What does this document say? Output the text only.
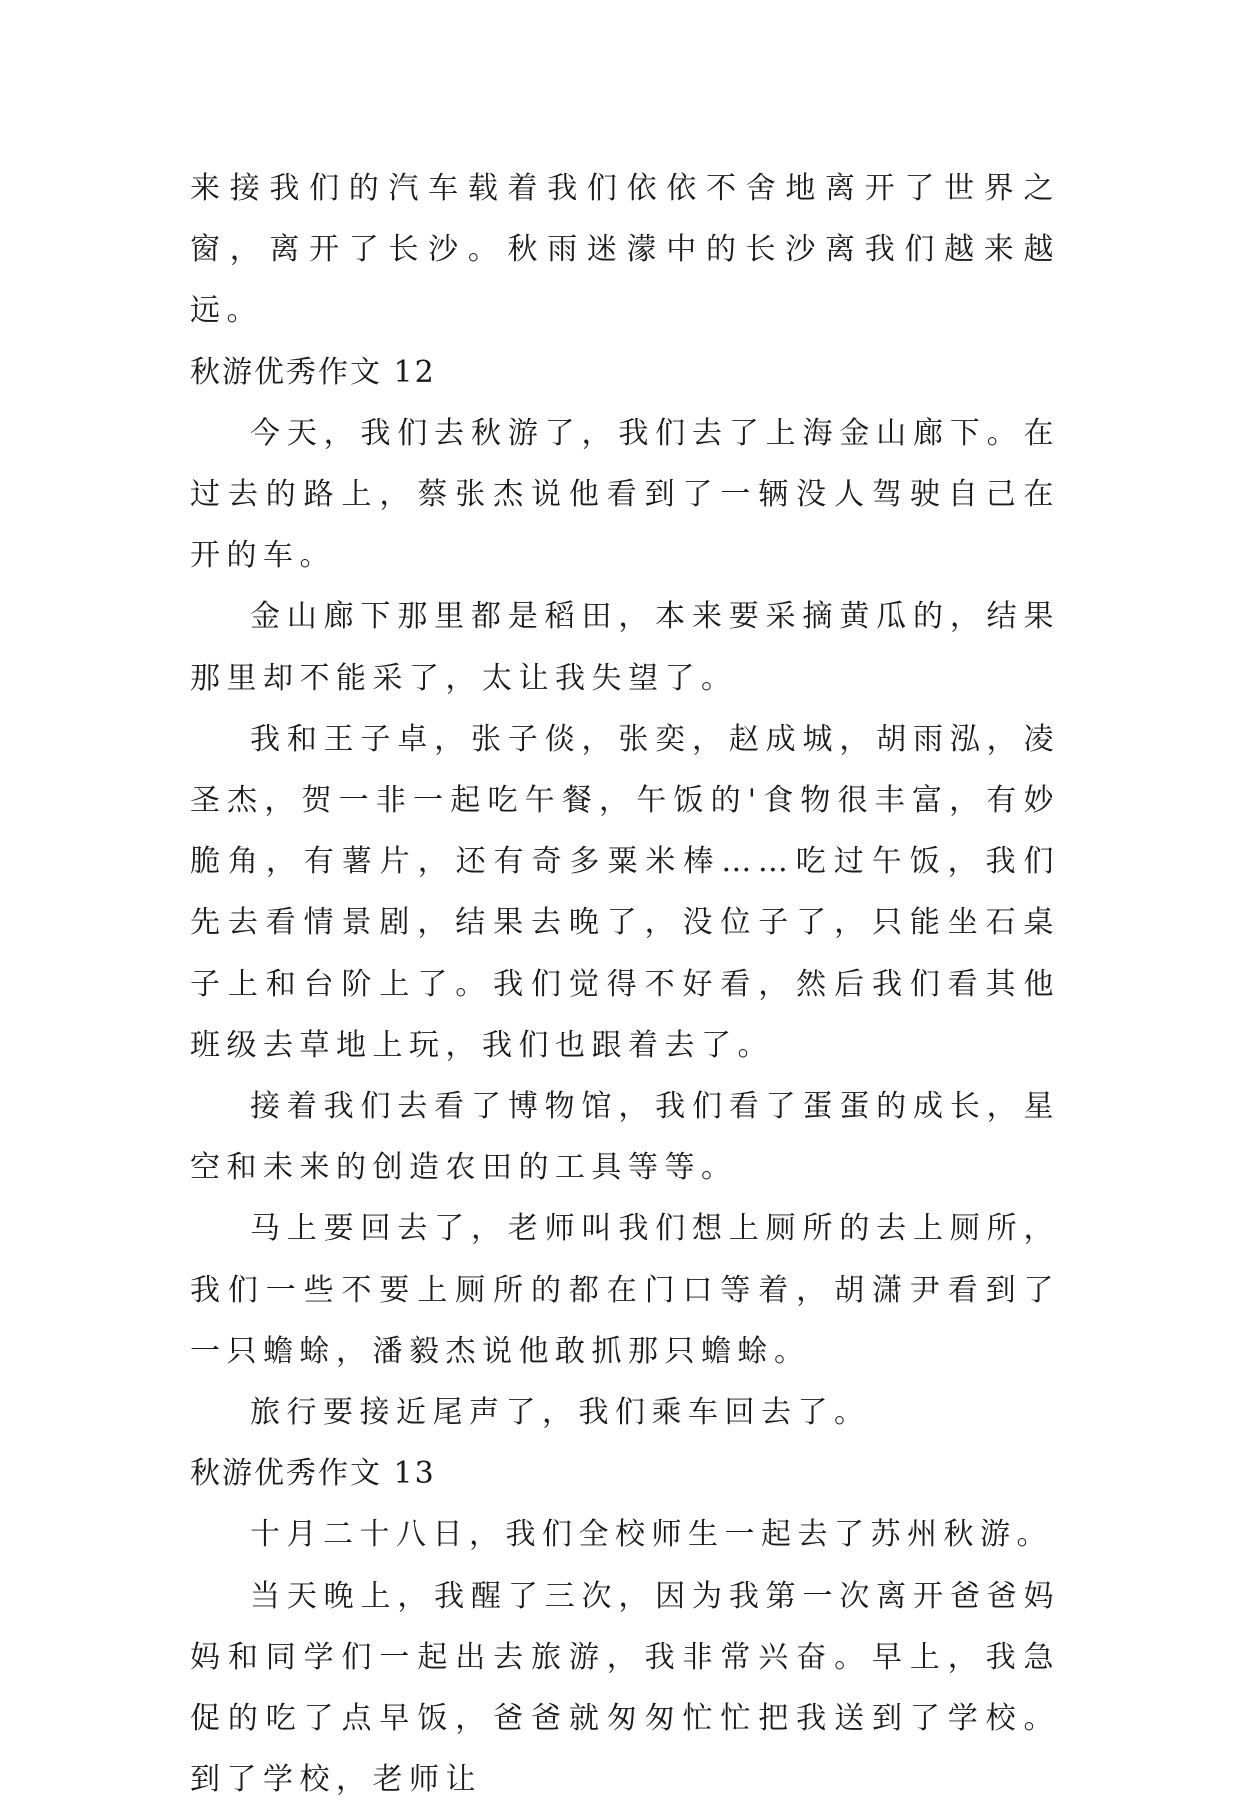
来接我们的汽车载着我们依依不舍地离开了世界之窗，离开了长沙。秋雨迷濛中的长沙离我们越来越远。

秋游优秀作文 12

今天，我们去秋游了，我们去了上海金山廊下。在过去的路上，蔡张杰说他看到了一辆没人驾驶自己在开的车。

金山廊下那里都是稻田，本来要采摘黄瓜的，结果那里却不能采了，太让我失望了。

我和王子卓，张子倓，张奕，赵成城，胡雨泓，凌圣杰，贺一非一起吃午餐，午饭的'食物很丰富，有妙脆角，有薯片，还有奇多粟米棒……吃过午饭，我们先去看情景剧，结果去晚了，没位子了，只能坐石桌子上和台阶上了。我们觉得不好看，然后我们看其他班级去草地上玩，我们也跟着去了。

接着我们去看了博物馆，我们看了蛋蛋的成长，星空和未来的创造农田的工具等等。

马上要回去了，老师叫我们想上厕所的去上厕所，我们一些不要上厕所的都在门口等着，胡潇尹看到了一只蟾蜍，潘毅杰说他敢抓那只蟾蜍。

旅行要接近尾声了，我们乘车回去了。

秋游优秀作文 13

十月二十八日，我们全校师生一起去了苏州秋游。

当天晚上，我醒了三次，因为我第一次离开爸爸妈妈和同学们一起出去旅游，我非常兴奋。早上，我急促的吃了点早饭，爸爸就匆匆忙忙把我送到了学校。到了学校，老师让
